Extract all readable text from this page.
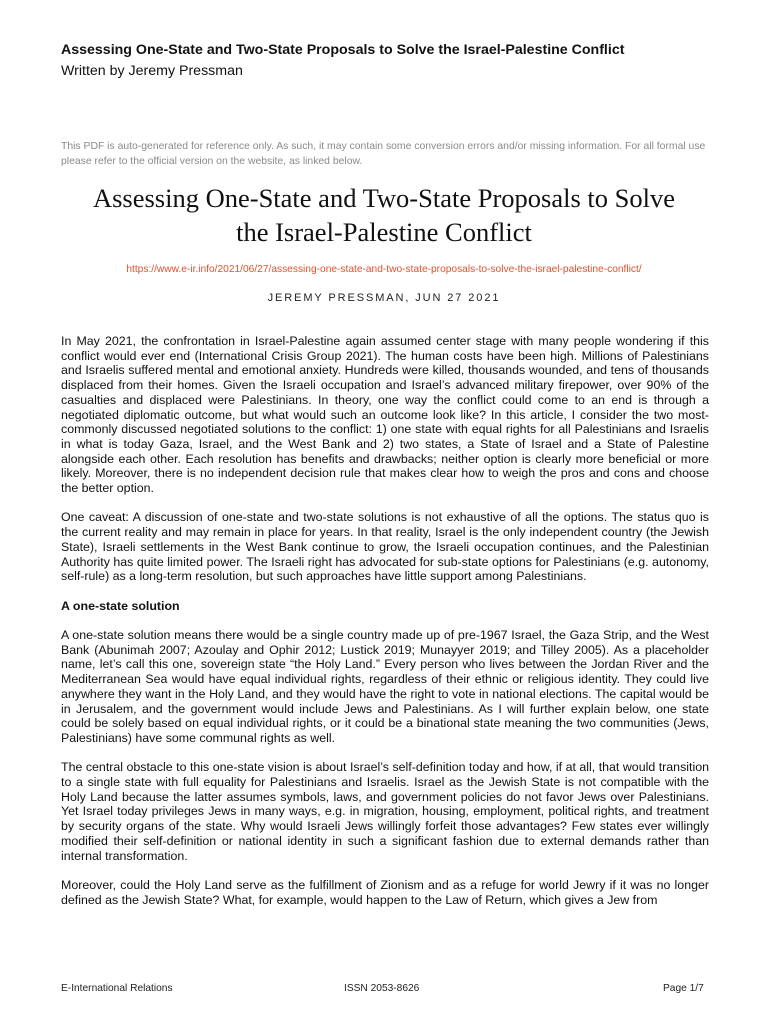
Assessing One-State and Two-State Proposals to Solve the Israel-Palestine Conflict
Written by Jeremy Pressman
This PDF is auto-generated for reference only. As such, it may contain some conversion errors and/or missing information. For all formal use please refer to the official version on the website, as linked below.
Assessing One-State and Two-State Proposals to Solve
the Israel-Palestine Conflict
https://www.e-ir.info/2021/06/27/assessing-one-state-and-two-state-proposals-to-solve-the-israel-palestine-conflict/
JEREMY PRESSMAN, JUN 27 2021

In May 2021, the confrontation in Israel-Palestine again assumed center stage with many people wondering if this conflict would ever end (International Crisis Group 2021). The human costs have been high. Millions of Palestinians and Israelis suffered mental and emotional anxiety. Hundreds were killed, thousands wounded, and tens of thousands displaced from their homes. Given the Israeli occupation and Israel’s advanced military firepower, over 90% of the casualties and displaced were Palestinians. In theory, one way the conflict could come to an end is through a negotiated diplomatic outcome, but what would such an outcome look like? In this article, I consider the two most-commonly discussed negotiated solutions to the conflict: 1) one state with equal rights for all Palestinians and Israelis in what is today Gaza, Israel, and the West Bank and 2) two states, a State of Israel and a State of Palestine alongside each other. Each resolution has benefits and drawbacks; neither option is clearly more beneficial or more likely. Moreover, there is no independent decision rule that makes clear how to weigh the pros and cons and choose the better option.

One caveat: A discussion of one-state and two-state solutions is not exhaustive of all the options. The status quo is the current reality and may remain in place for years. In that reality, Israel is the only independent country (the Jewish State), Israeli settlements in the West Bank continue to grow, the Israeli occupation continues, and the Palestinian Authority has quite limited power. The Israeli right has advocated for sub-state options for Palestinians (e.g. autonomy, self-rule) as a long-term resolution, but such approaches have little support among Palestinians.

A one-state solution

A one-state solution means there would be a single country made up of pre-1967 Israel, the Gaza Strip, and the West Bank (Abunimah 2007; Azoulay and Ophir 2012; Lustick 2019; Munayyer 2019; and Tilley 2005). As a placeholder name, let’s call this one, sovereign state “the Holy Land.” Every person who lives between the Jordan River and the Mediterranean Sea would have equal individual rights, regardless of their ethnic or religious identity. They could live anywhere they want in the Holy Land, and they would have the right to vote in national elections. The capital would be in Jerusalem, and the government would include Jews and Palestinians. As I will further explain below, one state could be solely based on equal individual rights, or it could be a binational state meaning the two communities (Jews, Palestinians) have some communal rights as well.

The central obstacle to this one-state vision is about Israel’s self-definition today and how, if at all, that would transition to a single state with full equality for Palestinians and Israelis. Israel as the Jewish State is not compatible with the Holy Land because the latter assumes symbols, laws, and government policies do not favor Jews over Palestinians. Yet Israel today privileges Jews in many ways, e.g. in migration, housing, employment, political rights, and treatment by security organs of the state. Why would Israeli Jews willingly forfeit those advantages? Few states ever willingly modified their self-definition or national identity in such a significant fashion due to external demands rather than internal transformation.

Moreover, could the Holy Land serve as the fulfillment of Zionism and as a refuge for world Jewry if it was no longer defined as the Jewish State? What, for example, would happen to the Law of Return, which gives a Jew from

E-International Relations	ISSN 2053-8626	Page 1/7
